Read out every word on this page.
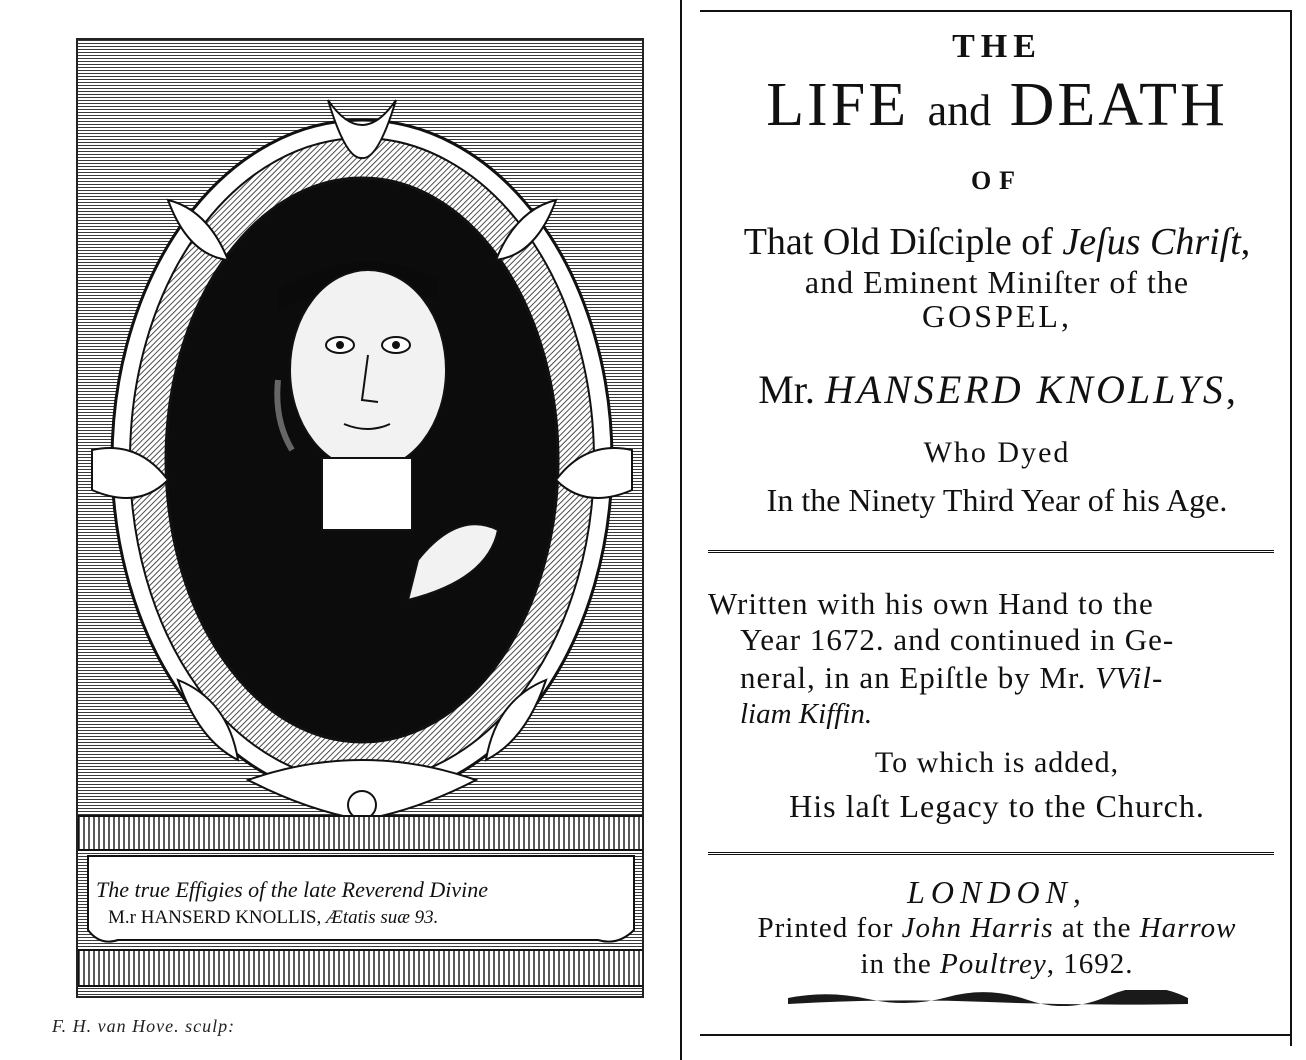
The true Effigies of the late Reverend Divine
M.r HANSERD KNOLLIS, Ætatis suæ 93.
F. H. van Hove. sculp:
THE
LIFE and DEATH
OF
That Old Diſciple of Jeſus Chriſt,
and Eminent Miniſter of the
GOSPEL,
Mr. HANSERD KNOLLYS,
Who Dyed
In the Ninety Third Year of his Age.
Written with his own Hand to the
Year 1672. and continued in Ge-
neral, in an Epiſtle by Mr. VVil-
liam Kiffin.
To which is added,
His laſt Legacy to the Church.
LONDON,
Printed for John Harris at the Harrow
in the Poultrey, 1692.
